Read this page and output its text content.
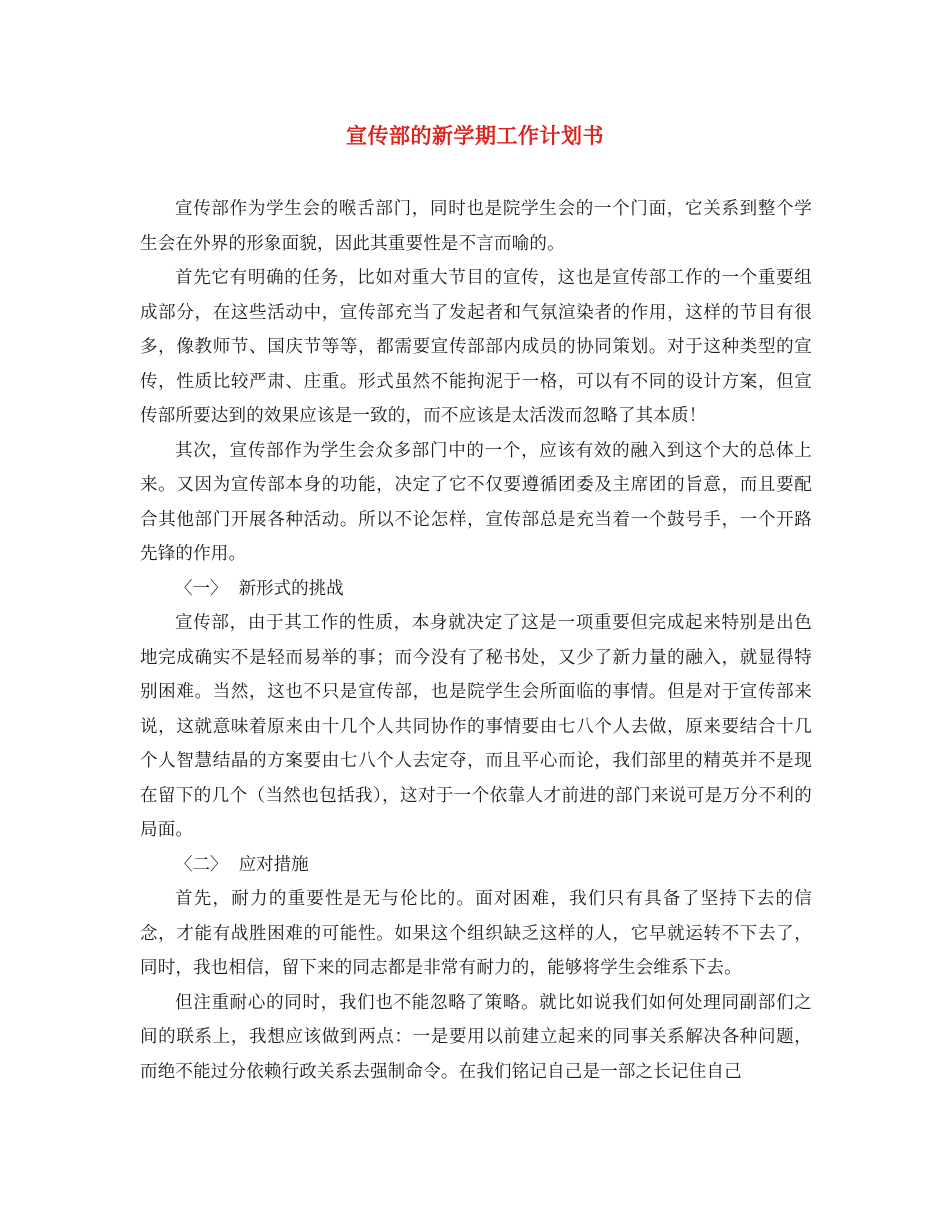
宣传部的新学期工作计划书

宣传部作为学生会的喉舌部门，同时也是院学生会的一个门面，它关系到整个学生会在外界的形象面貌，因此其重要性是不言而喻的。

首先它有明确的任务，比如对重大节目的宣传，这也是宣传部工作的一个重要组成部分，在这些活动中，宣传部充当了发起者和气氛渲染者的作用，这样的节目有很多，像教师节、国庆节等等，都需要宣传部部内成员的协同策划。对于这种类型的宣传，性质比较严肃、庄重。形式虽然不能拘泥于一格，可以有不同的设计方案，但宣传部所要达到的效果应该是一致的，而不应该是太活泼而忽略了其本质！

其次，宣传部作为学生会众多部门中的一个，应该有效的融入到这个大的总体上来。又因为宣传部本身的功能，决定了它不仅要遵循团委及主席团的旨意，而且要配合其他部门开展各种活动。所以不论怎样，宣传部总是充当着一个鼓号手，一个开路先锋的作用。

〈一〉  新形式的挑战

宣传部，由于其工作的性质，本身就决定了这是一项重要但完成起来特别是出色地完成确实不是轻而易举的事；而今没有了秘书处，又少了新力量的融入，就显得特别困难。当然，这也不只是宣传部，也是院学生会所面临的事情。但是对于宣传部来说，这就意味着原来由十几个人共同协作的事情要由七八个人去做，原来要结合十几个人智慧结晶的方案要由七八个人去定夺，而且平心而论，我们部里的精英并不是现在留下的几个（当然也包括我），这对于一个依靠人才前进的部门来说可是万分不利的局面。

〈二〉  应对措施

首先，耐力的重要性是无与伦比的。面对困难，我们只有具备了坚持下去的信念，才能有战胜困难的可能性。如果这个组织缺乏这样的人，它早就运转不下去了，同时，我也相信，留下来的同志都是非常有耐力的，能够将学生会维系下去。

但注重耐心的同时，我们也不能忽略了策略。就比如说我们如何处理同副部们之间的联系上，我想应该做到两点：一是要用以前建立起来的同事关系解决各种问题，而绝不能过分依赖行政关系去强制命令。在我们铭记自己是一部之长记住自己
